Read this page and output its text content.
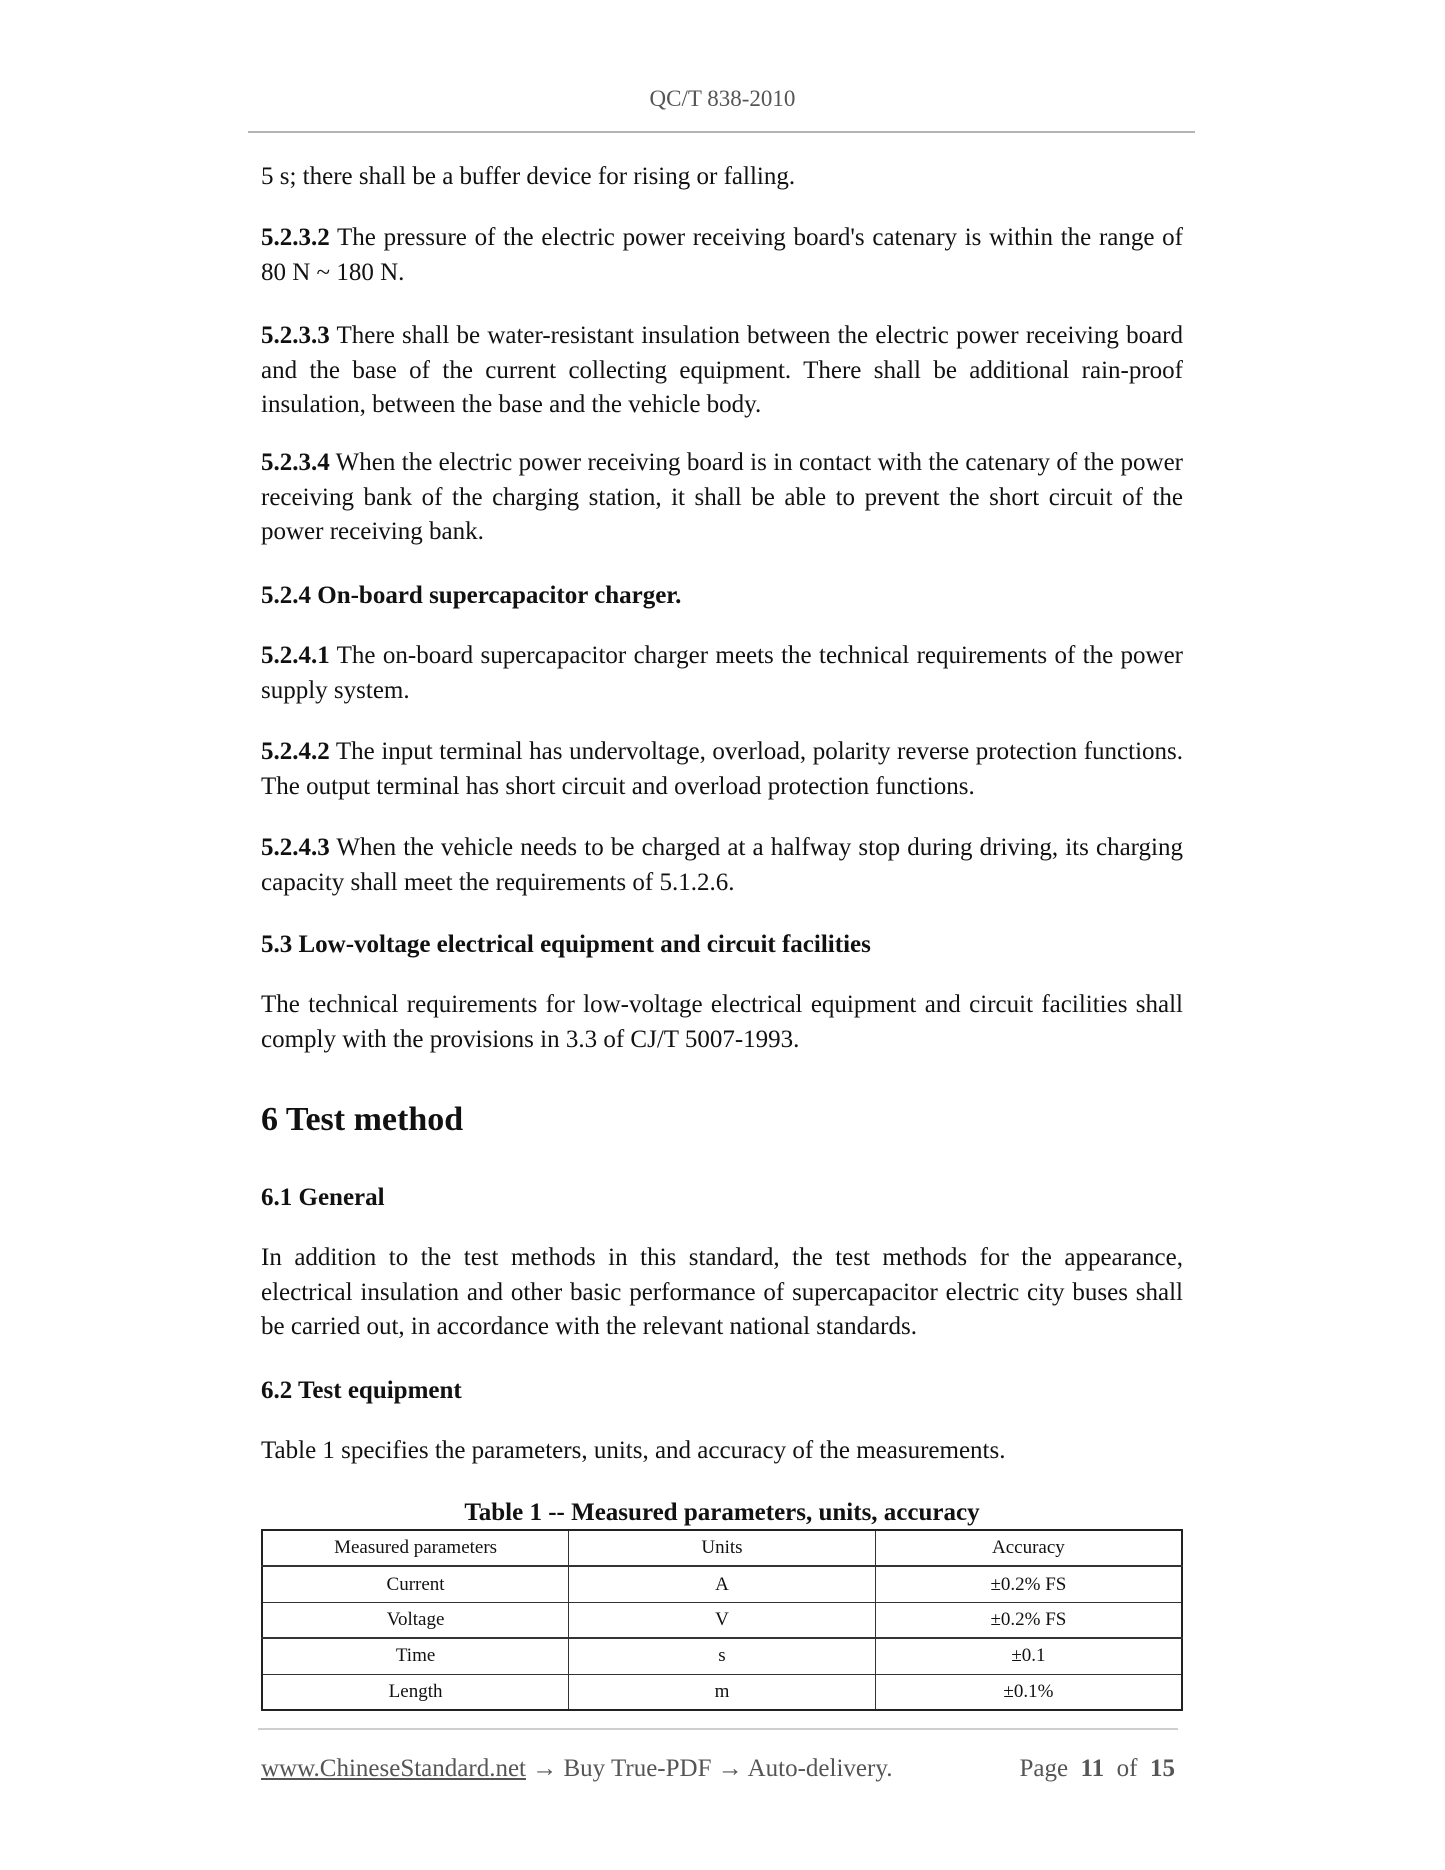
QC/T 838-2010
5 s; there shall be a buffer device for rising or falling.
5.2.3.2 The pressure of the electric power receiving board's catenary is within the range of 80 N ~ 180 N.
5.2.3.3 There shall be water-resistant insulation between the electric power receiving board and the base of the current collecting equipment. There shall be additional rain-proof insulation, between the base and the vehicle body.
5.2.3.4 When the electric power receiving board is in contact with the catenary of the power receiving bank of the charging station, it shall be able to prevent the short circuit of the power receiving bank.
5.2.4 On-board supercapacitor charger.
5.2.4.1 The on-board supercapacitor charger meets the technical requirements of the power supply system.
5.2.4.2 The input terminal has undervoltage, overload, polarity reverse protection functions. The output terminal has short circuit and overload protection functions.
5.2.4.3 When the vehicle needs to be charged at a halfway stop during driving, its charging capacity shall meet the requirements of 5.1.2.6.
5.3 Low-voltage electrical equipment and circuit facilities
The technical requirements for low-voltage electrical equipment and circuit facilities shall comply with the provisions in 3.3 of CJ/T 5007-1993.
6 Test method
6.1 General
In addition to the test methods in this standard, the test methods for the appearance, electrical insulation and other basic performance of supercapacitor electric city buses shall be carried out, in accordance with the relevant national standards.
6.2 Test equipment
Table 1 specifies the parameters, units, and accuracy of the measurements.
Table 1 -- Measured parameters, units, accuracy
Measured parameters	Units	Accuracy
Current	A	±0.2% FS
Voltage	V	±0.2% FS
Time	s	±0.1
Length	m	±0.1%
www.ChineseStandard.net → Buy True-PDF → Auto-delivery.	Page 11 of 15
